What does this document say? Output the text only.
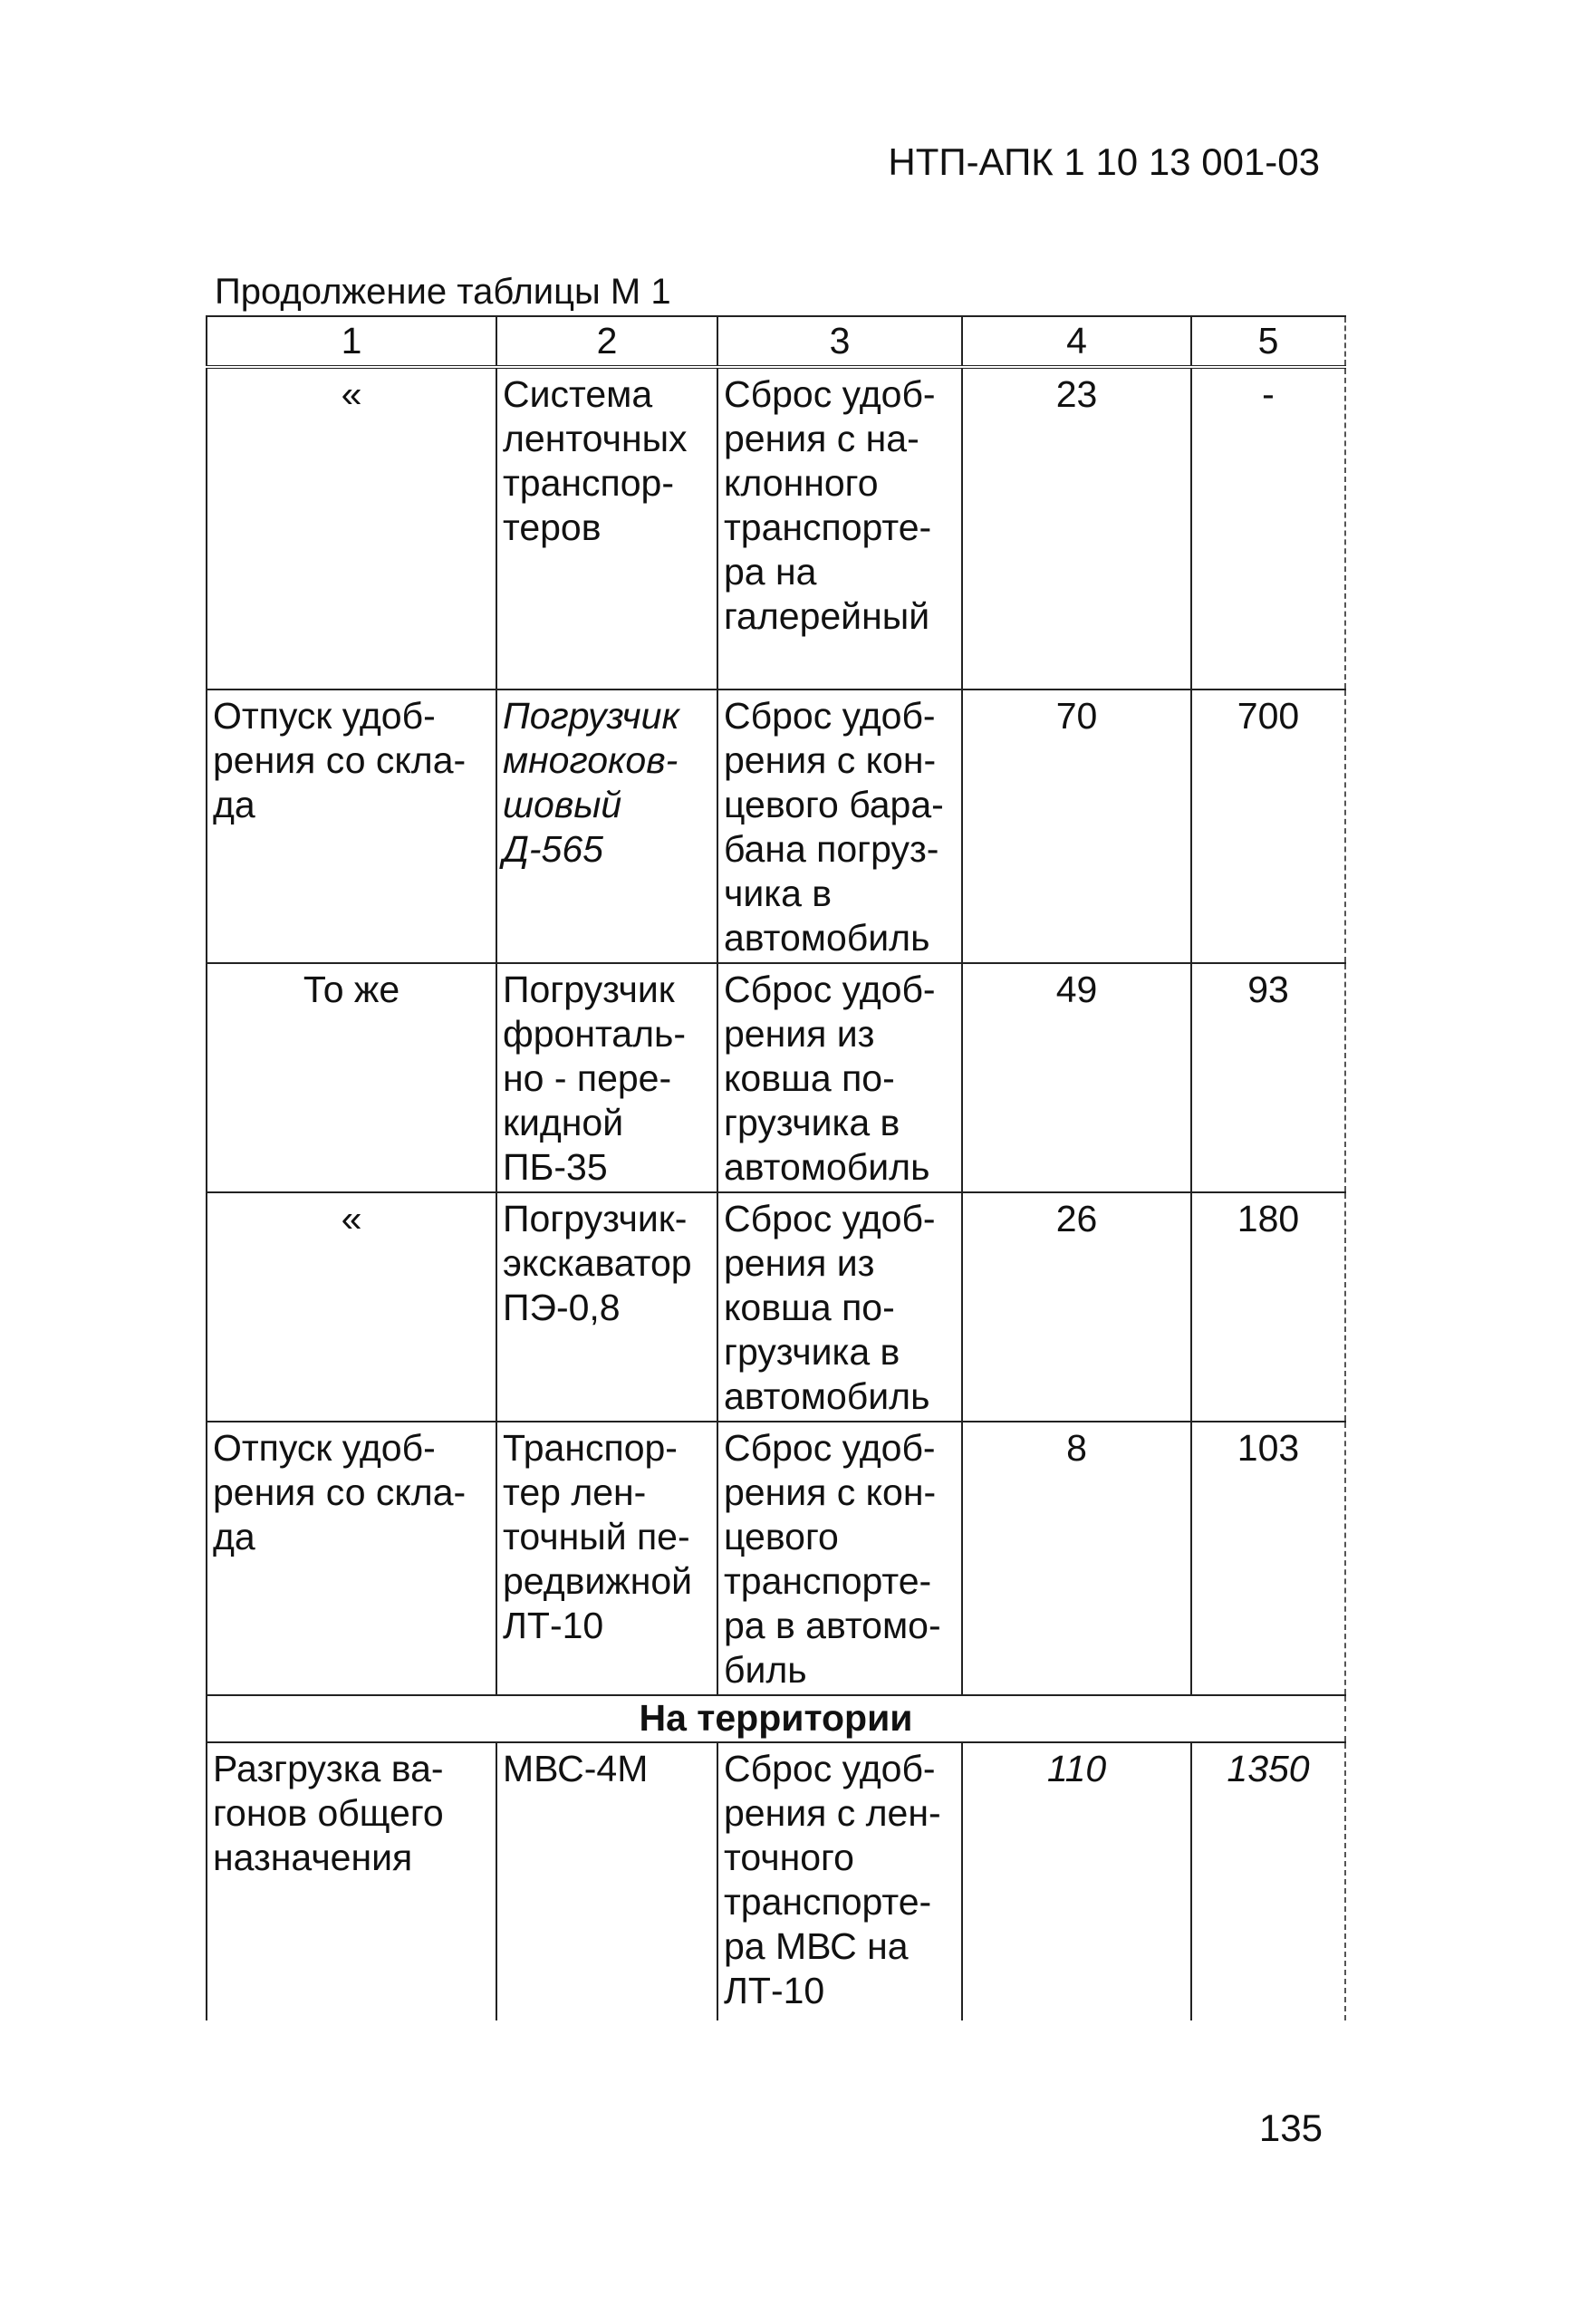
НТП-АПК 1 10 13 001-03
Продолжение таблицы М 1
1	2	3	4	5
«	Система ленточных транспор-теров	Сброс удоб-рения с на-клонного транспорте-ра на галерейный	23	-
Отпуск удоб-рения со скла-да	Погрузчик многоков-шовый Д-565	Сброс удоб-рения с кон-цевого бара-бана погруз-чика в автомобиль	70	700
То же	Погрузчик фронталь-но - пере-кидной ПБ-35	Сброс удоб-рения из ковша по-грузчика в автомобиль	49	93
«	Погрузчик-экскаватор ПЭ-0,8	Сброс удоб-рения из ковша по-грузчика в автомобиль	26	180
Отпуск удоб-рения со скла-да	Транспор-тер лен-точный пе-редвижной ЛТ-10	Сброс удоб-рения с кон-цевого транспорте-ра в автомо-биль	8	103
На территории				
Разгрузка ва-гонов общего назначения	МВС-4М	Сброс удоб-рения с лен-точного транспорте-ра МВС на ЛТ-10	110	1350
135
